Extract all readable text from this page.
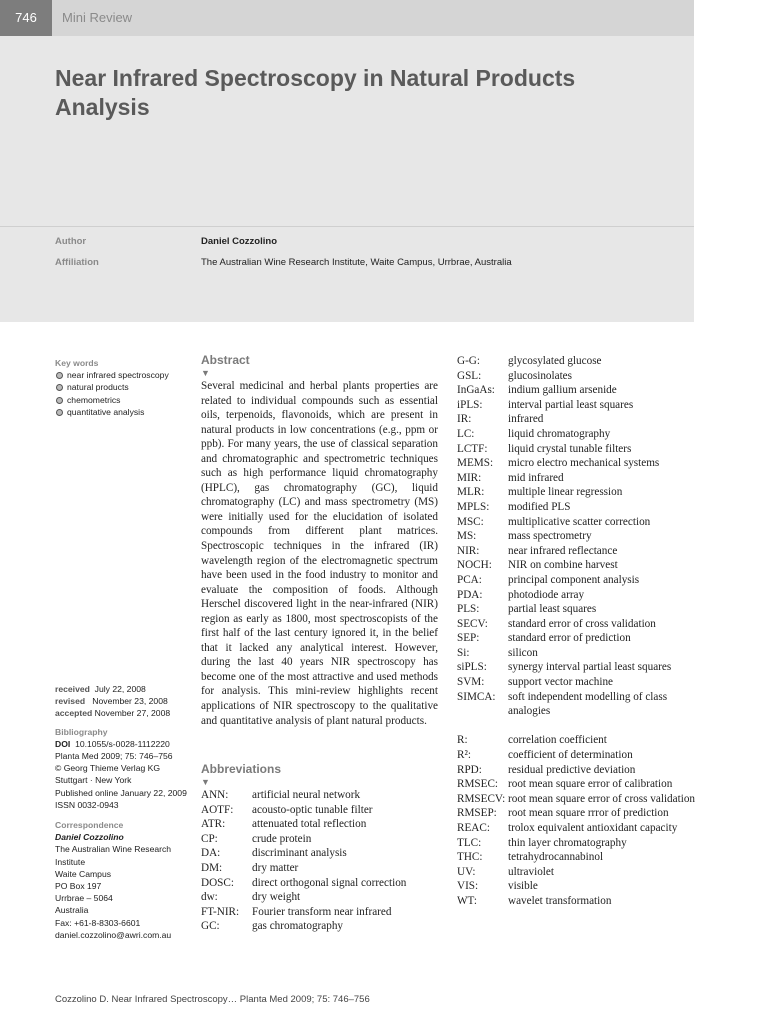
746	Mini Review
Near Infrared Spectroscopy in Natural Products Analysis
Author	Daniel Cozzolino
Affiliation	The Australian Wine Research Institute, Waite Campus, Urrbrae, Australia
Key words
near infrared spectroscopy
natural products
chemometrics
quantitative analysis
received July 22, 2008
revised November 23, 2008
accepted November 27, 2008
Bibliography
DOI 10.1055/s-0028-1112220
Planta Med 2009; 75: 746–756
© Georg Thieme Verlag KG
Stuttgart · New York
Published online January 22, 2009
ISSN 0032-0943
Correspondence
Daniel Cozzolino
The Australian Wine Research Institute
Waite Campus
PO Box 197
Urrbrae – 5064
Australia
Fax: +61-8-8303-6601
daniel.cozzolino@awri.com.au
Abstract
▼

Several medicinal and herbal plants properties are related to individual compounds such as essential oils, terpenoids, flavonoids, which are present in natural products in low concentrations (e.g., ppm or ppb). For many years, the use of classical separation and chromatographic and spectrometric techniques such as high performance liquid chromatography (HPLC), gas chromatography (GC), liquid chromatography (LC) and mass spectrometry (MS) were initially used for the elucidation of isolated compounds from different plant matrices. Spectroscopic techniques in the infrared (IR) wavelength region of the electromagnetic spectrum have been used in the food industry to monitor and evaluate the composition of foods. Although Herschel discovered light in the near-infrared (NIR) region as early as 1800, most spectroscopists of the first half of the last century ignored it, in the belief that it lacked any analytical interest. However, during the last 40 years NIR spectroscopy has become one of the most attractive and used methods for analysis. This mini-review highlights recent applications of NIR spectroscopy to the qualitative and quantitative analysis of plant natural products.

Abbreviations
▼
ANN:	artificial neural network
AOTF:	acousto-optic tunable filter
ATR:	attenuated total reflection
CP:	crude protein
DA:	discriminant analysis
DM:	dry matter
DOSC:	direct orthogonal signal correction
dw:	dry weight
FT-NIR:	Fourier transform near infrared
GC:	gas chromatography
G-G:	glycosylated glucose
GSL:	glucosinolates
InGaAs:	indium gallium arsenide
iPLS:	interval partial least squares
IR:	infrared
LC:	liquid chromatography
LCTF:	liquid crystal tunable filters
MEMS:	micro electro mechanical systems
MIR:	mid infrared
MLR:	multiple linear regression
MPLS:	modified PLS
MSC:	multiplicative scatter correction
MS:	mass spectrometry
NIR:	near infrared reflectance
NOCH:	NIR on combine harvest
PCA:	principal component analysis
PDA:	photodiode array
PLS:	partial least squares
SECV:	standard error of cross validation
SEP:	standard error of prediction
Si:	silicon
siPLS:	synergy interval partial least squares
SVM:	support vector machine
SIMCA:	soft independent modelling of class analogies
R:	correlation coefficient
R²:	coefficient of determination
RPD:	residual predictive deviation
RMSEC: root mean square error of calibration
RMSECV: root mean square error of cross validation
RMSEP:	root mean square rrror of prediction
REAC:	trolox equivalent antioxidant capacity
TLC:	thin layer chromatography
THC:	tetrahydrocannabinol
UV:	ultraviolet
VIS:	visible
WT:	wavelet transformation
Cozzolino D. Near Infrared Spectroscopy… Planta Med 2009; 75: 746–756
